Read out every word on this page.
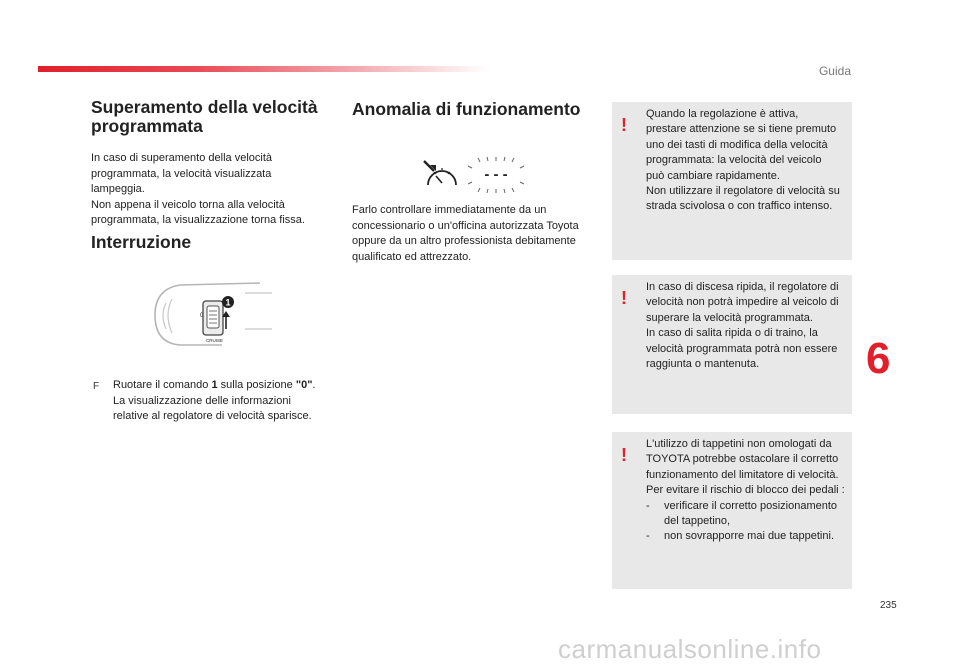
Guida
Superamento della velocità programmata
In caso di superamento della velocità
programmata, la velocità visualizzata
lampeggia.
Non appena il veicolo torna alla velocità
programmata, la visualizzazione torna fissa.
Interruzione
1
0
CRUISE
F Ruotare il comando 1 sulla posizione "0".
La visualizzazione delle informazioni
relative al regolatore di velocità sparisce.
Anomalia di funzionamento
- - -
Farlo controllare immediatamente da un
concessionario o un'officina autorizzata Toyota
oppure da un altro professionista debitamente
qualificato ed attrezzato.
!
Quando la regolazione è attiva,
prestare attenzione se si tiene premuto
uno dei tasti di modifica della velocità
programmata: la velocità del veicolo
può cambiare rapidamente.
Non utilizzare il regolatore di velocità su
strada scivolosa o con traffico intenso.
!
In caso di discesa ripida, il regolatore di
velocità non potrà impedire al veicolo di
superare la velocità programmata.
In caso di salita ripida o di traino, la
velocità programmata potrà non essere
raggiunta o mantenuta.
!
L'utilizzo di tappetini non omologati da
TOYOTA potrebbe ostacolare il corretto
funzionamento del limitatore di velocità.
Per evitare il rischio di blocco dei pedali :
- verificare il corretto posizionamento del tappetino,
- non sovrapporre mai due tappetini.
6
235
carmanualsonline.info
